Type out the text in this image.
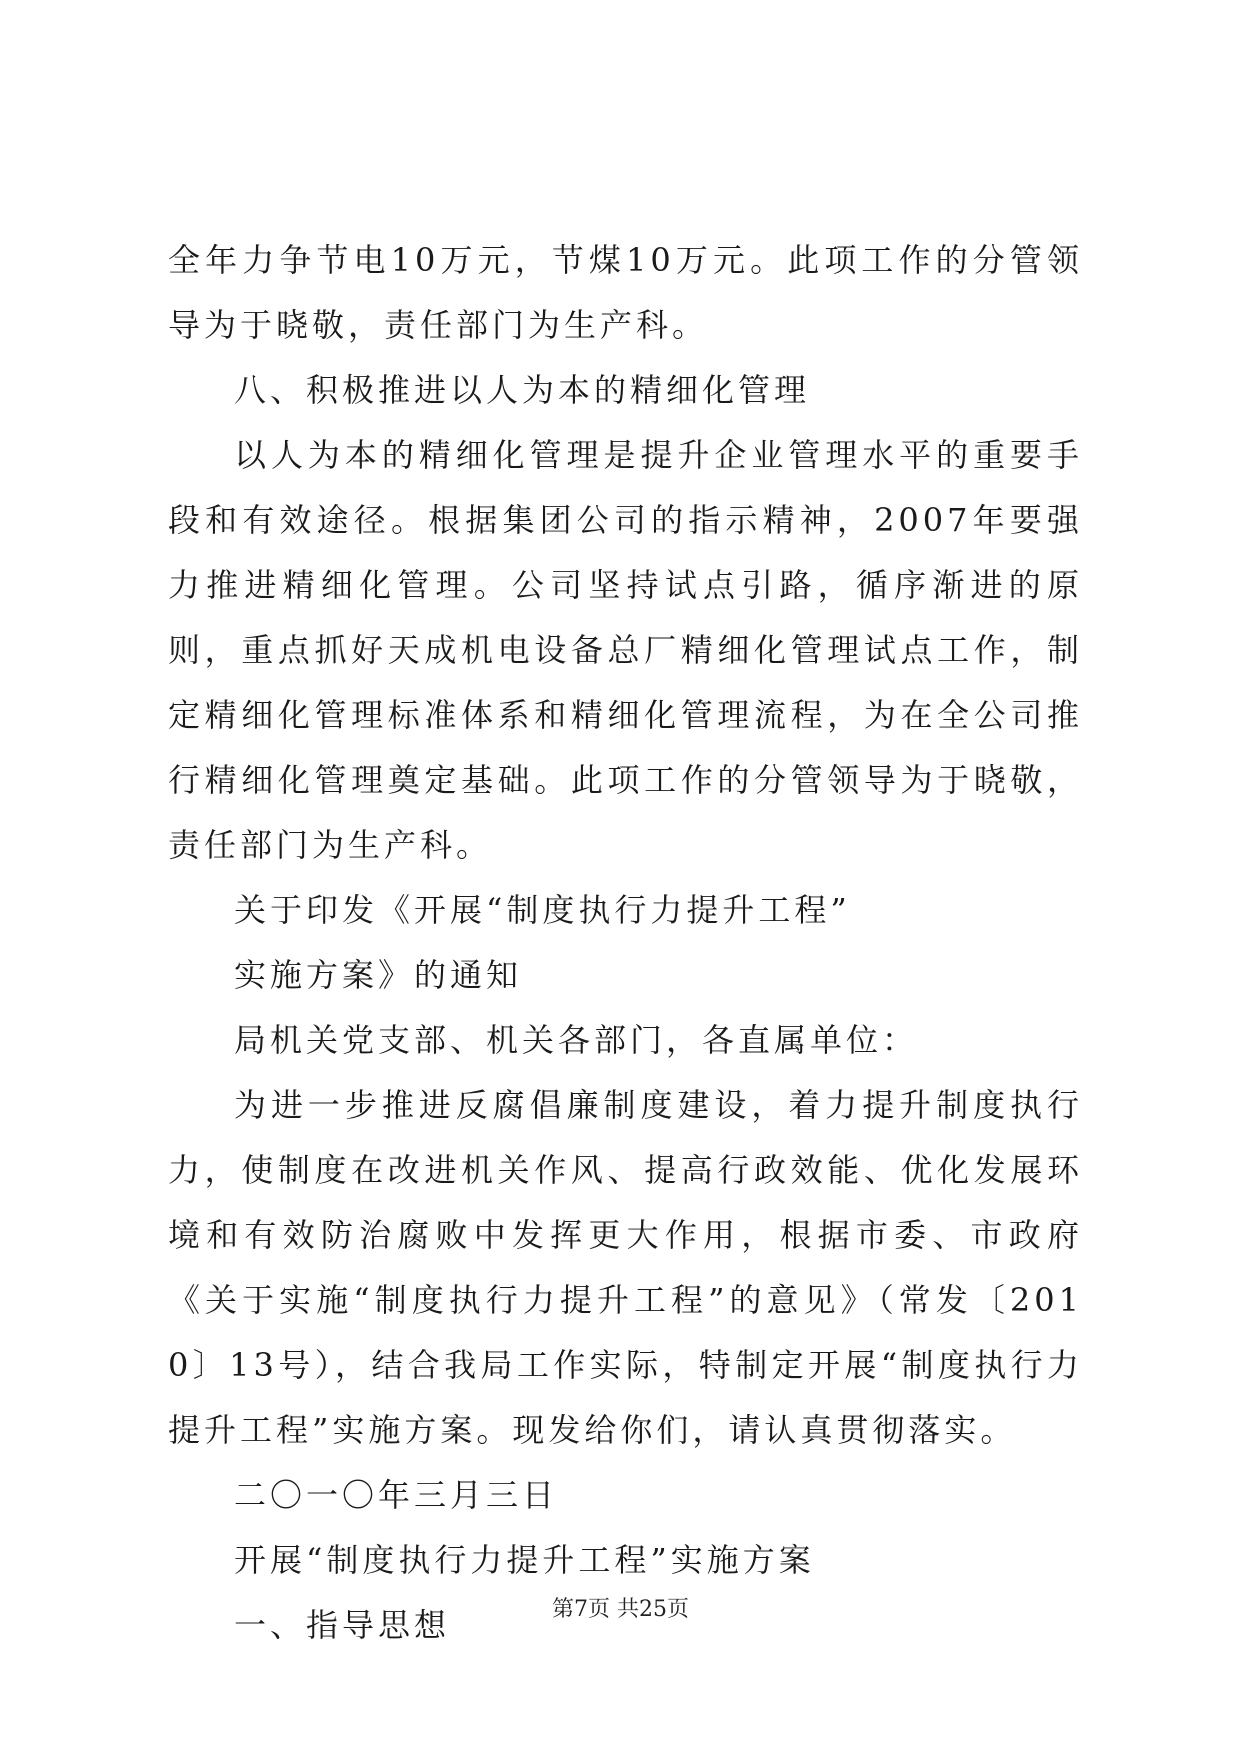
全年力争节电10万元，节煤10万元。此项工作的分管领导为于晓敬，责任部门为生产科。

八、积极推进以人为本的精细化管理

以人为本的精细化管理是提升企业管理水平的重要手段和有效途径。根据集团公司的指示精神，2007年要强力推进精细化管理。公司坚持试点引路，循序渐进的原则，重点抓好天成机电设备总厂精细化管理试点工作，制定精细化管理标准体系和精细化管理流程，为在全公司推行精细化管理奠定基础。此项工作的分管领导为于晓敬，责任部门为生产科。

关于印发《开展“制度执行力提升工程”

实施方案》的通知

局机关党支部、机关各部门，各直属单位：

为进一步推进反腐倡廉制度建设，着力提升制度执行力，使制度在改进机关作风、提高行政效能、优化发展环境和有效防治腐败中发挥更大作用，根据市委、市政府《关于实施“制度执行力提升工程”的意见》（常发〔2010〕13号），结合我局工作实际，特制定开展“制度执行力提升工程”实施方案。现发给你们，请认真贯彻落实。

二〇一〇年三月三日

开展“制度执行力提升工程”实施方案

一、指导思想	第7页 共25页
